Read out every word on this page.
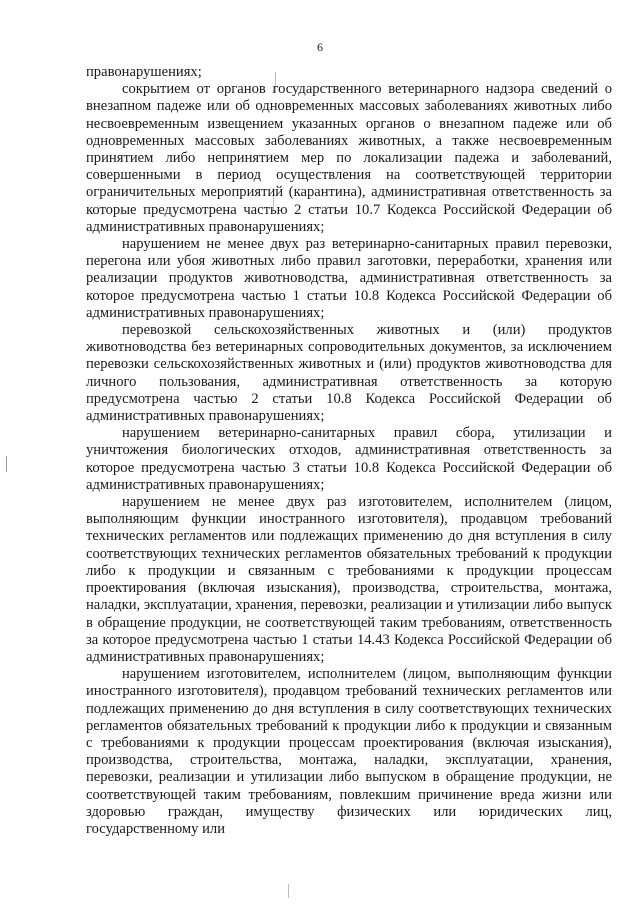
6

правонарушениях;

сокрытием от органов государственного ветеринарного надзора сведений о внезапном падеже или об одновременных массовых заболеваниях животных либо несвоевременным извещением указанных органов о внезапном падеже или об одновременных массовых заболеваниях животных, а также несвоевременным принятием либо непринятием мер по локализации падежа и заболеваний, совершенными в период осуществления на соответствующей территории ограничительных мероприятий (карантина), административная ответственность за которые предусмотрена частью 2 статьи 10.7 Кодекса Российской Федерации об административных правонарушениях;

нарушением не менее двух раз ветеринарно-санитарных правил перевозки, перегона или убоя животных либо правил заготовки, переработки, хранения или реализации продуктов животноводства, административная ответственность за которое предусмотрена частью 1 статьи 10.8 Кодекса Российской Федерации об административных правонарушениях;

перевозкой сельскохозяйственных животных и (или) продуктов животноводства без ветеринарных сопроводительных документов, за исключением перевозки сельскохозяйственных животных и (или) продуктов животноводства для личного пользования, административная ответственность за которую предусмотрена частью 2 статьи 10.8 Кодекса Российской Федерации об административных правонарушениях;

нарушением ветеринарно-санитарных правил сбора, утилизации и уничтожения биологических отходов, административная ответственность за которое предусмотрена частью 3 статьи 10.8 Кодекса Российской Федерации об административных правонарушениях;

нарушением не менее двух раз изготовителем, исполнителем (лицом, выполняющим функции иностранного изготовителя), продавцом требований технических регламентов или подлежащих применению до дня вступления в силу соответствующих технических регламентов обязательных требований к продукции либо к продукции и связанным с требованиями к продукции процессам проектирования (включая изыскания), производства, строительства, монтажа, наладки, эксплуатации, хранения, перевозки, реализации и утилизации либо выпуск в обращение продукции, не соответствующей таким требованиям, ответственность за которое предусмотрена частью 1 статьи 14.43 Кодекса Российской Федерации об административных правонарушениях;

нарушением изготовителем, исполнителем (лицом, выполняющим функции иностранного изготовителя), продавцом требований технических регламентов или подлежащих применению до дня вступления в силу соответствующих технических регламентов обязательных требований к продукции либо к продукции и связанным с требованиями к продукции процессам проектирования (включая изыскания), производства, строительства, монтажа, наладки, эксплуатации, хранения, перевозки, реализации и утилизации либо выпуском в обращение продукции, не соответствующей таким требованиям, повлекшим причинение вреда жизни или здоровью граждан, имуществу физических или юридических лиц, государственному или
